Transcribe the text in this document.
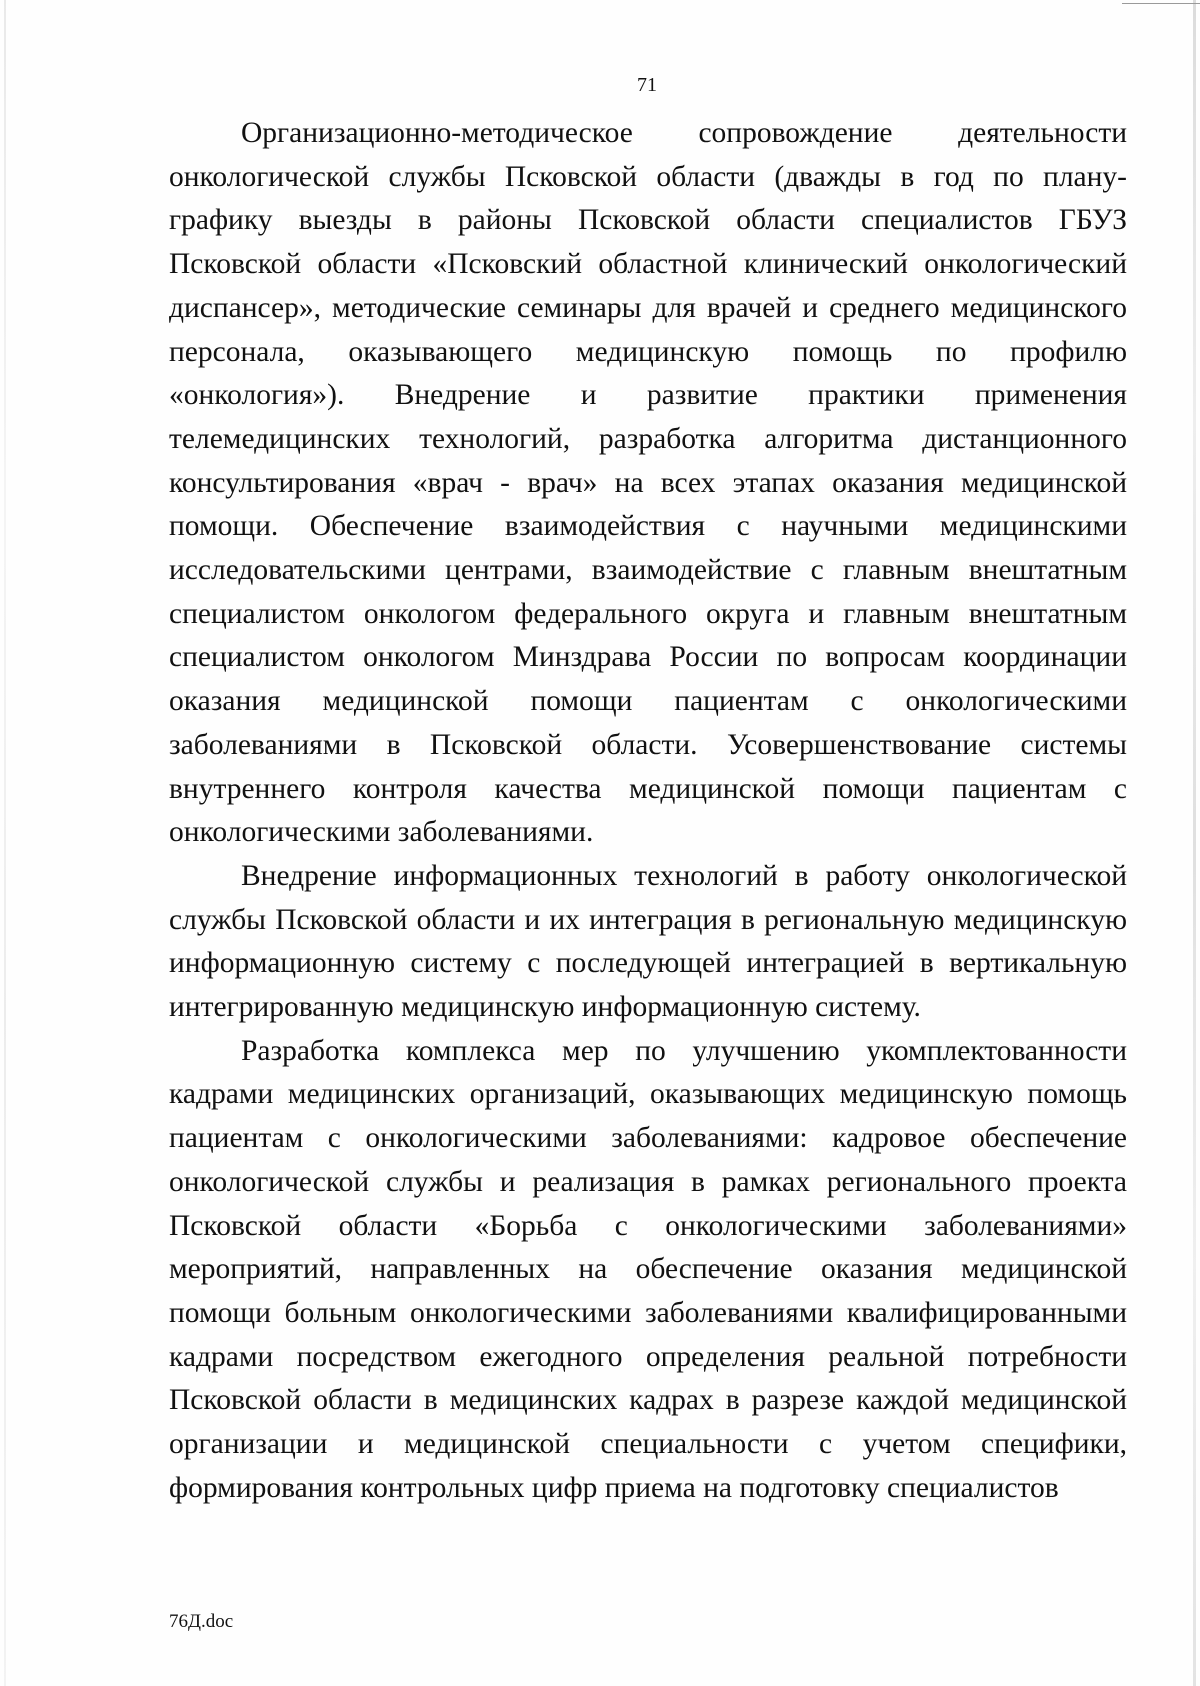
71

Организационно-методическое сопровождение деятельности онкологической службы Псковской области (дважды в год по плану-графику выезды в районы Псковской области специалистов ГБУЗ Псковской области «Псковский областной клинический онкологический диспансер», методические семинары для врачей и среднего медицинского персонала, оказывающего медицинскую помощь по профилю «онкология»). Внедрение и развитие практики применения телемедицинских технологий, разработка алгоритма дистанционного консультирования «врач - врач» на всех этапах оказания медицинской помощи. Обеспечение взаимодействия с научными медицинскими исследовательскими центрами, взаимодействие с главным внештатным специалистом онкологом федерального округа и главным внештатным специалистом онкологом Минздрава России по вопросам координации оказания медицинской помощи пациентам с онкологическими заболеваниями в Псковской области. Усовершенствование системы внутреннего контроля качества медицинской помощи пациентам с онкологическими заболеваниями.

Внедрение информационных технологий в работу онкологической службы Псковской области и их интеграция в региональную медицинскую информационную систему с последующей интеграцией в вертикальную интегрированную медицинскую информационную систему.

Разработка комплекса мер по улучшению укомплектованности кадрами медицинских организаций, оказывающих медицинскую помощь пациентам с онкологическими заболеваниями: кадровое обеспечение онкологической службы и реализация в рамках регионального проекта Псковской области «Борьба с онкологическими заболеваниями» мероприятий, направленных на обеспечение оказания медицинской помощи больным онкологическими заболеваниями квалифицированными кадрами посредством ежегодного определения реальной потребности Псковской области в медицинских кадрах в разрезе каждой медицинской организации и медицинской специальности с учетом специфики, формирования контрольных цифр приема на подготовку специалистов

76Д.doc
